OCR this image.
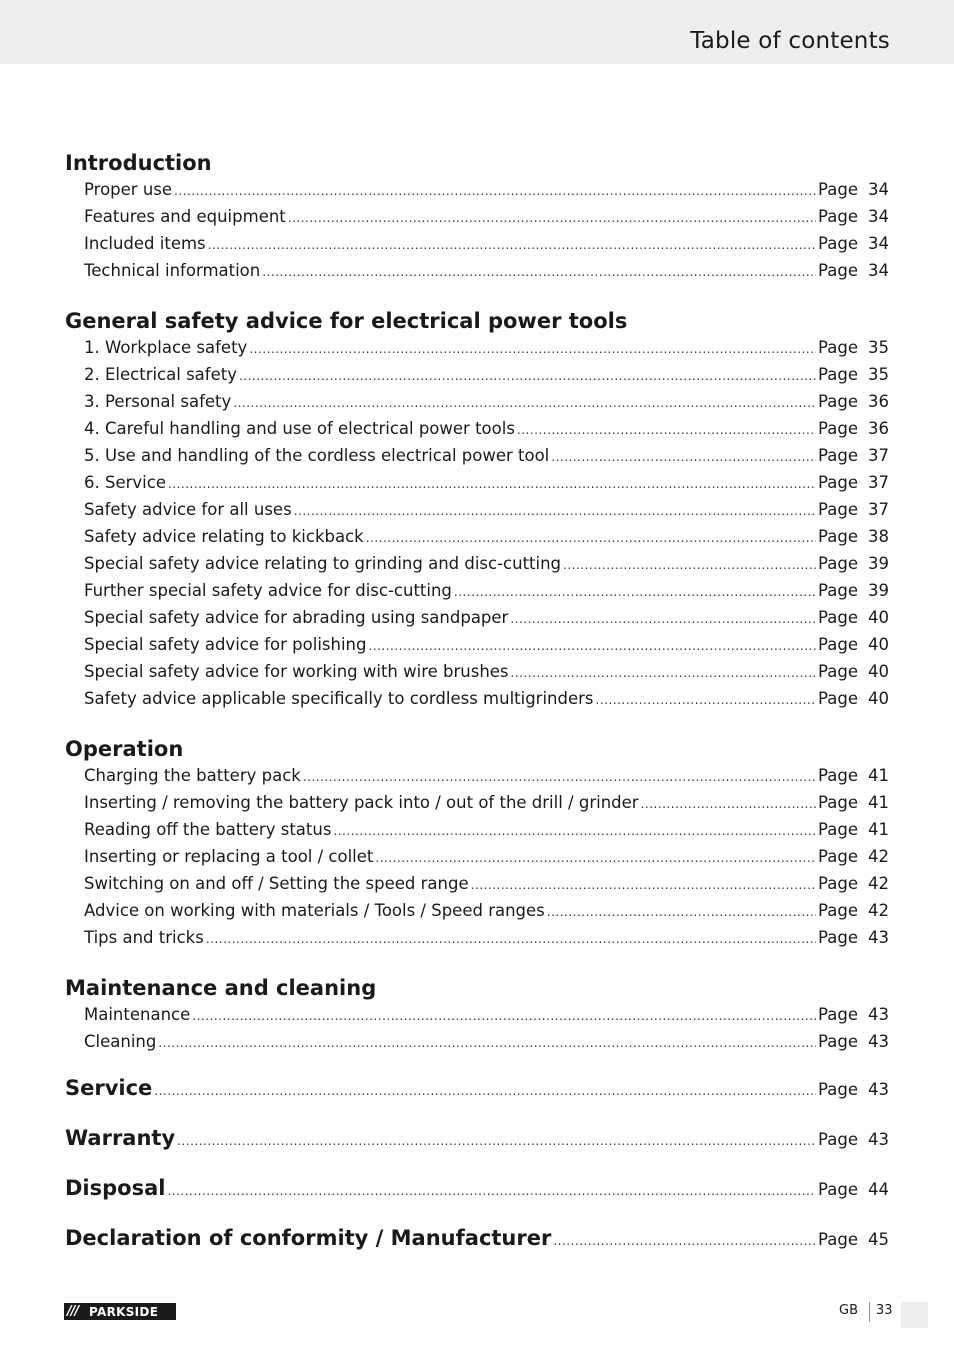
Table of contents
Introduction
Proper use .....	Page 34
Features and equipment .....	Page 34
Included items .....	Page 34
Technical information .....	Page 34
General safety advice for electrical power tools
1. Workplace safety .....	Page 35
2. Electrical safety .....	Page 35
3. Personal safety .....	Page 36
4. Careful handling and use of electrical power tools .....	Page 36
5. Use and handling of the cordless electrical power tool .....	Page 37
6. Service .....	Page 37
Safety advice for all uses .....	Page 37
Safety advice relating to kickback .....	Page 38
Special safety advice relating to grinding and disc-cutting .....	Page 39
Further special safety advice for disc-cutting .....	Page 39
Special safety advice for abrading using sandpaper .....	Page 40
Special safety advice for polishing .....	Page 40
Special safety advice for working with wire brushes .....	Page 40
Safety advice applicable specifically to cordless multigrinders .....	Page 40
Operation
Charging the battery pack .....	Page 41
Inserting / removing the battery pack into / out of the drill / grinder .....	Page 41
Reading off the battery status .....	Page 41
Inserting or replacing a tool / collet .....	Page 42
Switching on and off / Setting the speed range .....	Page 42
Advice on working with materials / Tools / Speed ranges .....	Page 42
Tips and tricks .....	Page 43
Maintenance and cleaning
Maintenance .....	Page 43
Cleaning .....	Page 43
Service .....	Page 43
Warranty .....	Page 43
Disposal .....	Page 44
Declaration of conformity / Manufacturer .....	Page 45
/// PARKSIDE	GB 33
